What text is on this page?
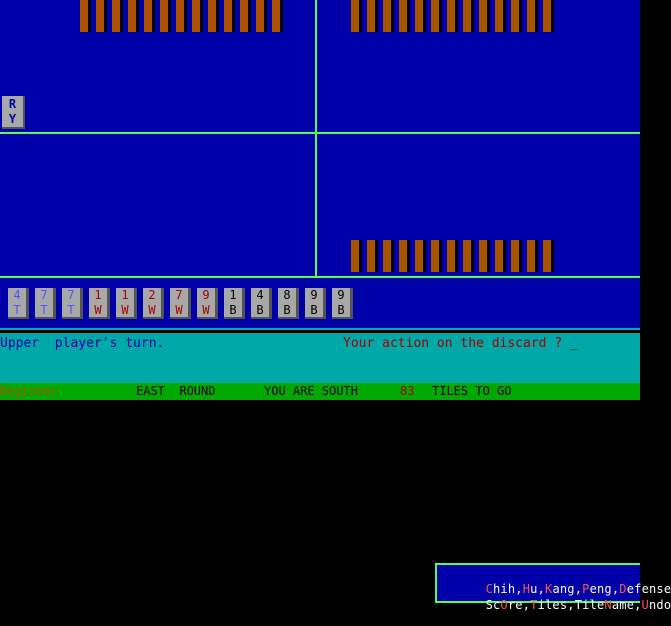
R
Y
4
T
7
T
7
T
1
W
1
W
2
W
7
W
9
W
1
B
4
B
8
B
9
B
9
B

Chih,Hu,Kang,Peng,Defense

ScOre,Tiles,TileName,Undo

Upper  player's turn.	Your action on the discard ? _
Beginner	EAST  ROUND	YOU ARE SOUTH	83 TILES TO GO
